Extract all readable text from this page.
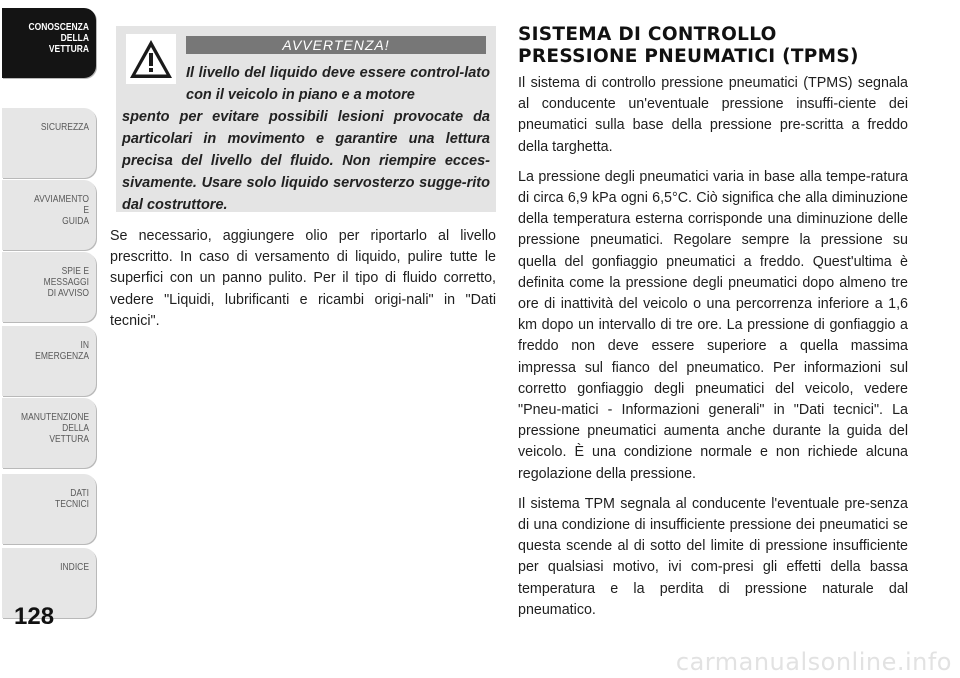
CONOSCENZA
DELLA
VETTURA
SICUREZZA
AVVIAMENTO
E
GUIDA
SPIE E
MESSAGGI
DI AVVISO
IN
EMERGENZA
MANUTENZIONE
DELLA
VETTURA
DATI
TECNICI
INDICE
128
AVVERTENZA!
Il livello del liquido deve essere control-lato con il veicolo in piano e a motore
spento per evitare possibili lesioni provocate da particolari in movimento e garantire una lettura precisa del livello del fluido. Non riempire ecces-sivamente. Usare solo liquido servosterzo sugge-rito dal costruttore.

Se necessario, aggiungere olio per riportarlo al livello prescritto. In caso di versamento di liquido, pulire tutte le superfici con un panno pulito. Per il tipo di fluido corretto, vedere "Liquidi, lubrificanti e ricambi origi-nali" in "Dati tecnici".

SISTEMA DI CONTROLLO
PRESSIONE PNEUMATICI (TPMS)

Il sistema di controllo pressione pneumatici (TPMS) segnala al conducente un'eventuale pressione insuffi-ciente dei pneumatici sulla base della pressione pre-scritta a freddo della targhetta.

La pressione degli pneumatici varia in base alla tempe-ratura di circa 6,9 kPa ogni 6,5°C. Ciò significa che alla diminuzione della temperatura esterna corrisponde una diminuzione delle pressione pneumatici. Regolare sempre la pressione su quella del gonfiaggio pneumatici a freddo. Quest'ultima è definita come la pressione degli pneumatici dopo almeno tre ore di inattività del veicolo o una percorrenza inferiore a 1,6 km dopo un intervallo di tre ore. La pressione di gonfiaggio a freddo non deve essere superiore a quella massima impressa sul fianco del pneumatico. Per informazioni sul corretto gonfiaggio degli pneumatici del veicolo, vedere "Pneu-matici - Informazioni generali" in "Dati tecnici". La pressione pneumatici aumenta anche durante la guida del veicolo. È una condizione normale e non richiede alcuna regolazione della pressione.

Il sistema TPM segnala al conducente l'eventuale pre-senza di una condizione di insufficiente pressione dei pneumatici se questa scende al di sotto del limite di pressione insufficiente per qualsiasi motivo, ivi com-presi gli effetti della bassa temperatura e la perdita di pressione naturale dal pneumatico.

carmanualsonline.info
